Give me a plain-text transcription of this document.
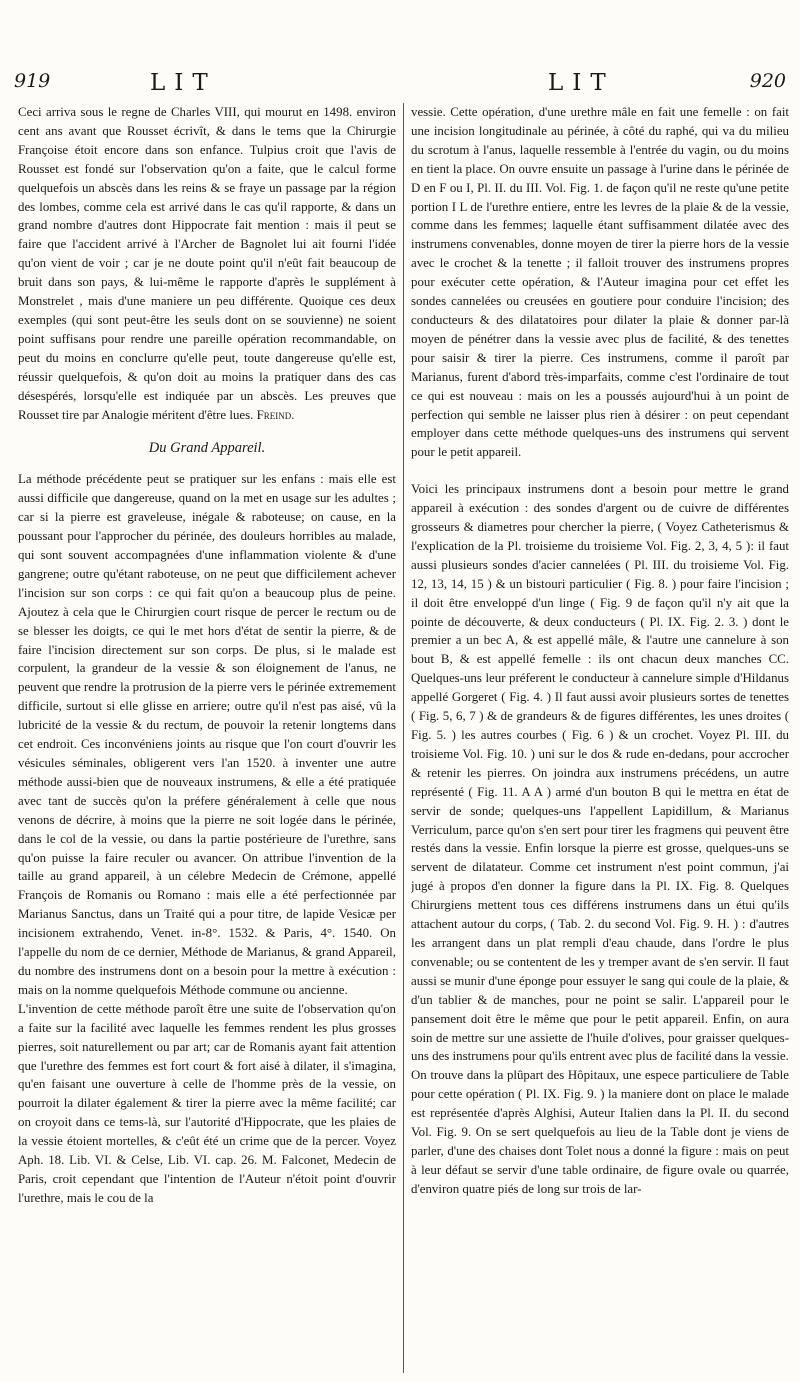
919	LIT	LIT	920

Ceci arriva sous le regne de Charles VIII, qui mourut en 1498. environ cent ans avant que Rousset écrivît, & dans le tems que la Chirurgie Françoise étoit encore dans son enfance. Tulpius croit que l'avis de Rousset est fondé sur l'observation qu'on a faite, que le calcul forme quelquefois un abscès dans les reins & se fraye un passage par la région des lombes, comme cela est arrivé dans le cas qu'il rapporte, & dans un grand nombre d'autres dont Hippocrate fait mention : mais il peut se faire que l'accident arrivé à l'Archer de Bagnolet lui ait fourni l'idée qu'on vient de voir ; car je ne doute point qu'il n'eût fait beaucoup de bruit dans son pays, & lui-même le rapporte d'après le supplément à Monstrelet , mais d'une maniere un peu différente. Quoique ces deux exemples (qui sont peut-être les seuls dont on se souvienne) ne soient point suffisans pour rendre une pareille opération recommandable, on peut du moins en conclurre qu'elle peut, toute dangereuse qu'elle est, réussir quelquefois, & qu'on doit au moins la pratiquer dans des cas désespérés, lorsqu'elle est indiquée par un abscès. Les preuves que Rousset tire par Analogie méritent d'être lues. Freind.

Du Grand Appareil.

La méthode précédente peut se pratiquer sur les enfans : mais elle est aussi difficile que dangereuse, quand on la met en usage sur les adultes ; car si la pierre est graveleuse, inégale & raboteuse; on cause, en la poussant pour l'approcher du périnée, des douleurs horribles au malade, qui sont souvent accompagnées d'une inflammation violente & d'une gangrene; outre qu'étant raboteuse, on ne peut que difficilement achever l'incision sur son corps : ce qui fait qu'on a beaucoup plus de peine. Ajoutez à cela que le Chirurgien court risque de percer le rectum ou de se blesser les doigts, ce qui le met hors d'état de sentir la pierre, & de faire l'incision directement sur son corps. De plus, si le malade est corpulent, la grandeur de la vessie & son éloignement de l'anus, ne peuvent que rendre la protrusion de la pierre vers le périnée extremement difficile, surtout si elle glisse en arriere; outre qu'il n'est pas aisé, vû la lubricité de la vessie & du rectum, de pouvoir la retenir longtems dans cet endroit. Ces inconvéniens joints au risque que l'on court d'ouvrir les vésicules séminales, obligerent vers l'an 1520. à inventer une autre méthode aussi-bien que de nouveaux instrumens, & elle a été pratiquée avec tant de succès qu'on la préfere généralement à celle que nous venons de décrire, à moins que la pierre ne soit logée dans le périnée, dans le col de la vessie, ou dans la partie postérieure de l'urethre, sans qu'on puisse la faire reculer ou avancer. On attribue l'invention de la taille au grand appareil, à un célebre Medecin de Crémone, appellé François de Romanis ou Romano : mais elle a été perfectionnée par Marianus Sanctus, dans un Traité qui a pour titre, de lapide Vesicæ per incisionem extrahendo, Venet. in-8°. 1532. & Paris, 4°. 1540. On l'appelle du nom de ce dernier, Méthode de Marianus, & grand Appareil, du nombre des instrumens dont on a besoin pour la mettre à exécution : mais on la nomme quelquefois Méthode commune ou ancienne.

L'invention de cette méthode paroît être une suite de l'observation qu'on a faite sur la facilité avec laquelle les femmes rendent les plus grosses pierres, soit naturellement ou par art; car de Romanis ayant fait attention que l'urethre des femmes est fort court & fort aisé à dilater, il s'imagina, qu'en faisant une ouverture à celle de l'homme près de la vessie, on pourroit la dilater également & tirer la pierre avec la même facilité; car on croyoit dans ce tems-là, sur l'autorité d'Hippocrate, que les plaies de la vessie étoient mortelles, & c'eût été un crime que de la percer. Voyez Aph. 18. Lib. VI. & Celse, Lib. VI. cap. 26. M. Falconet, Medecin de Paris, croit cependant que l'intention de l'Auteur n'étoit point d'ouvrir l'urethre, mais le cou de la

vessie. Cette opération, d'une urethre mâle en fait une femelle : on fait une incision longitudinale au périnée, à côté du raphé, qui va du milieu du scrotum à l'anus, laquelle ressemble à l'entrée du vagin, ou du moins en tient la place. On ouvre ensuite un passage à l'urine dans le périnée de D en F ou I, Pl. II. du III. Vol. Fig. 1. de façon qu'il ne reste qu'une petite portion I L de l'urethre entiere, entre les levres de la plaie & de la vessie, comme dans les femmes; laquelle étant suffisamment dilatée avec des instrumens convenables, donne moyen de tirer la pierre hors de la vessie avec le crochet & la tenette ; il falloit trouver des instrumens propres pour exécuter cette opération, & l'Auteur imagina pour cet effet les sondes cannelées ou creusées en goutiere pour conduire l'incision; des conducteurs & des dilatatoires pour dilater la plaie & donner par-là moyen de pénétrer dans la vessie avec plus de facilité, & des tenettes pour saisir & tirer la pierre. Ces instrumens, comme il paroît par Marianus, furent d'abord très-imparfaits, comme c'est l'ordinaire de tout ce qui est nouveau : mais on les a poussés aujourd'hui à un point de perfection qui semble ne laisser plus rien à désirer : on peut cependant employer dans cette méthode quelques-uns des instrumens qui servent pour le petit appareil.

Voici les principaux instrumens dont a besoin pour mettre le grand appareil à exécution : des sondes d'argent ou de cuivre de différentes grosseurs & diametres pour chercher la pierre, ( Voyez Catheterismus & l'explication de la Pl. troisieme du troisieme Vol. Fig. 2, 3, 4, 5 ): il faut aussi plusieurs sondes d'acier cannelées ( Pl. III. du troisieme Vol. Fig. 12, 13, 14, 15 ) & un bistouri particulier ( Fig. 8. ) pour faire l'incision ; il doit être enveloppé d'un linge ( Fig. 9 de façon qu'il n'y ait que la pointe de découverte, & deux conducteurs ( Pl. IX. Fig. 2. 3. ) dont le premier a un bec A, & est appellé mâle, & l'autre une cannelure à son bout B, & est appellé femelle : ils ont chacun deux manches CC. Quelques-uns leur préferent le conducteur à cannelure simple d'Hildanus appellé Gorgeret ( Fig. 4. ) Il faut aussi avoir plusieurs sortes de tenettes ( Fig. 5, 6, 7 ) & de grandeurs & de figures différentes, les unes droites ( Fig. 5. ) les autres courbes ( Fig. 6 ) & un crochet. Voyez Pl. III. du troisieme Vol. Fig. 10. ) uni sur le dos & rude en-dedans, pour accrocher & retenir les pierres. On joindra aux instrumens précédens, un autre représenté ( Fig. 11. A A ) armé d'un bouton B qui le mettra en état de servir de sonde; quelques-uns l'appellent Lapidillum, & Marianus Verriculum, parce qu'on s'en sert pour tirer les fragmens qui peuvent être restés dans la vessie. Enfin lorsque la pierre est grosse, quelques-uns se servent de dilatateur. Comme cet instrument n'est point commun, j'ai jugé à propos d'en donner la figure dans la Pl. IX. Fig. 8. Quelques Chirurgiens mettent tous ces différens instrumens dans un étui qu'ils attachent autour du corps, ( Tab. 2. du second Vol. Fig. 9. H. ) : d'autres les arrangent dans un plat rempli d'eau chaude, dans l'ordre le plus convenable; ou se contentent de les y tremper avant de s'en servir. Il faut aussi se munir d'une éponge pour essuyer le sang qui coule de la plaie, & d'un tablier & de manches, pour ne point se salir. L'appareil pour le pansement doit être le même que pour le petit appareil. Enfin, on aura soin de mettre sur une assiette de l'huile d'olives, pour graisser quelques-uns des instrumens pour qu'ils entrent avec plus de facilité dans la vessie.

On trouve dans la plûpart des Hôpitaux, une espece particuliere de Table pour cette opération ( Pl. IX. Fig. 9. ) la maniere dont on place le malade est représentée d'après Alghisi, Auteur Italien dans la Pl. II. du second Vol. Fig. 9. On se sert quelquefois au lieu de la Table dont je viens de parler, d'une des chaises dont Tolet nous a donné la figure : mais on peut à leur défaut se servir d'une table ordinaire, de figure ovale ou quarrée, d'environ quatre piés de long sur trois de lar-
